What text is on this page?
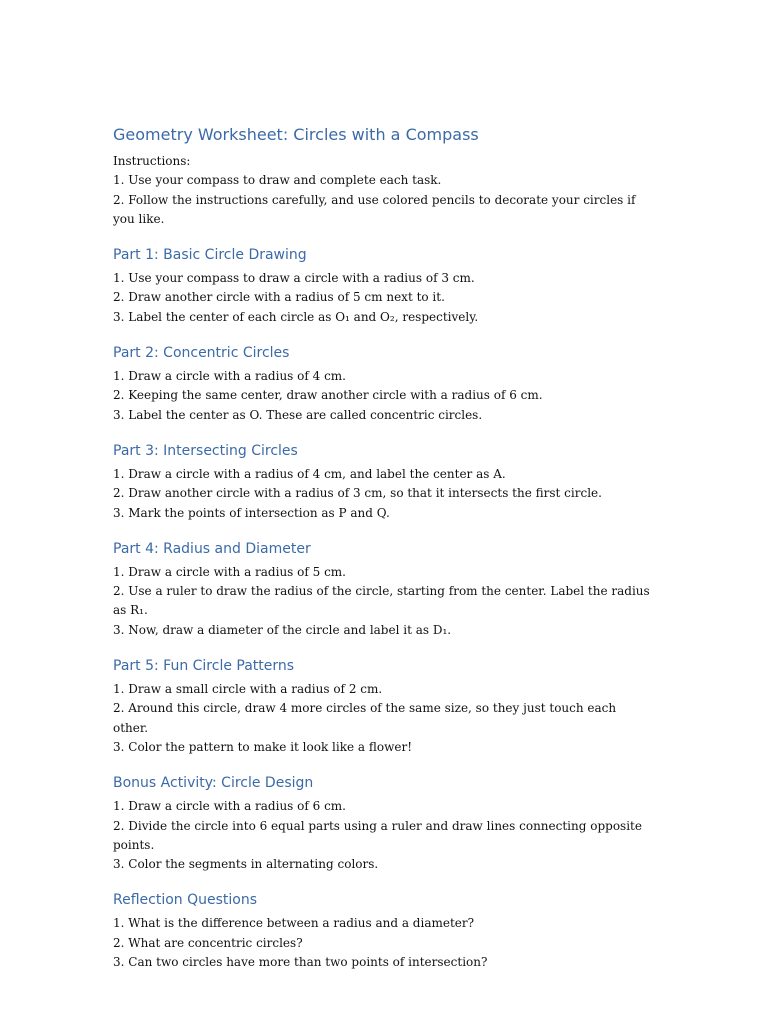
Geometry Worksheet: Circles with a Compass

Instructions:

1. Use your compass to draw and complete each task.

2. Follow the instructions carefully, and use colored pencils to decorate your circles if you like.

Part 1: Basic Circle Drawing

1. Use your compass to draw a circle with a radius of 3 cm.

2. Draw another circle with a radius of 5 cm next to it.

3. Label the center of each circle as O₁ and O₂, respectively.

Part 2: Concentric Circles

1. Draw a circle with a radius of 4 cm.

2. Keeping the same center, draw another circle with a radius of 6 cm.

3. Label the center as O. These are called concentric circles.

Part 3: Intersecting Circles

1. Draw a circle with a radius of 4 cm, and label the center as A.

2. Draw another circle with a radius of 3 cm, so that it intersects the first circle.

3. Mark the points of intersection as P and Q.

Part 4: Radius and Diameter

1. Draw a circle with a radius of 5 cm.

2. Use a ruler to draw the radius of the circle, starting from the center. Label the radius as R₁.

3. Now, draw a diameter of the circle and label it as D₁.

Part 5: Fun Circle Patterns

1. Draw a small circle with a radius of 2 cm.

2. Around this circle, draw 4 more circles of the same size, so they just touch each other.

3. Color the pattern to make it look like a flower!

Bonus Activity: Circle Design

1. Draw a circle with a radius of 6 cm.

2. Divide the circle into 6 equal parts using a ruler and draw lines connecting opposite points.

3. Color the segments in alternating colors.

Reflection Questions

1. What is the difference between a radius and a diameter?

2. What are concentric circles?

3. Can two circles have more than two points of intersection?
